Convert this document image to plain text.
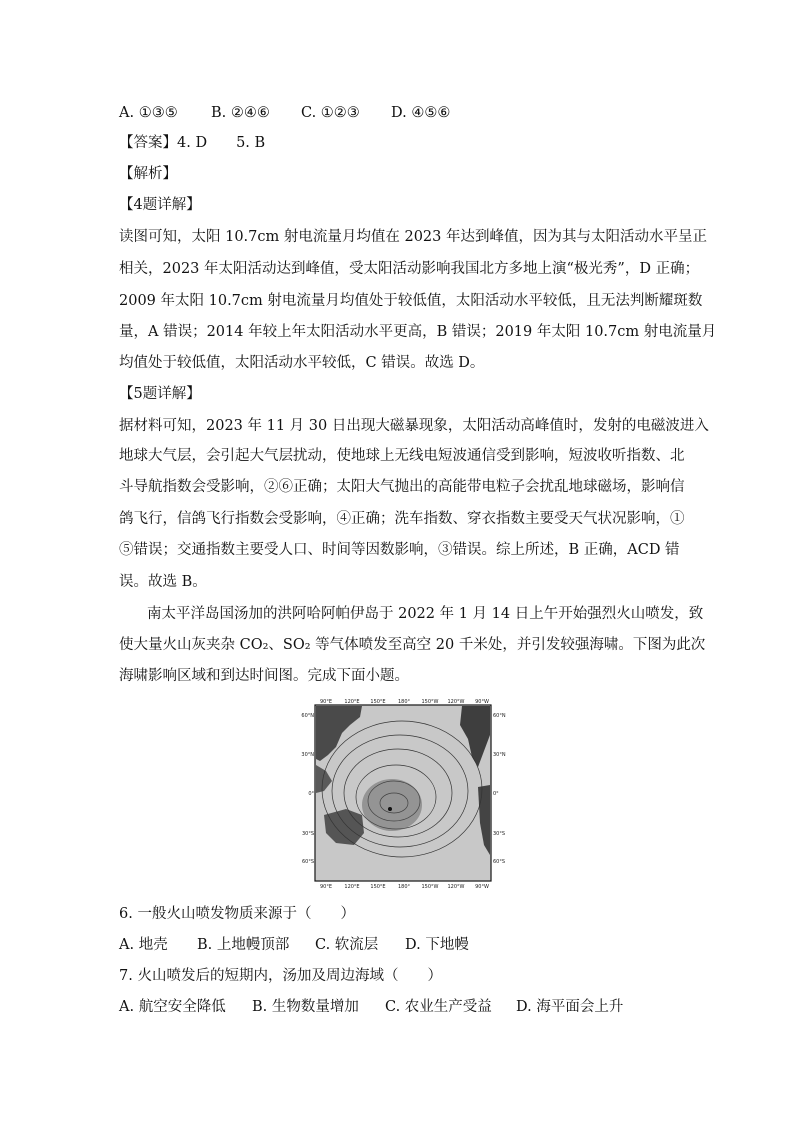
A. ①③⑤ B. ②④⑥ C. ①②③ D. ④⑤⑥
【答案】4. D　　5. B
【解析】
【4题详解】
读图可知，太阳 10.7cm 射电流量月均值在 2023 年达到峰值，因为其与太阳活动水平呈正
相关，2023 年太阳活动达到峰值，受太阳活动影响我国北方多地上演“极光秀”，D 正确；
2009 年太阳 10.7cm 射电流量月均值处于较低值，太阳活动水平较低，且无法判断耀斑数
量，A 错误；2014 年较上年太阳活动水平更高，B 错误；2019 年太阳 10.7cm 射电流量月
均值处于较低值，太阳活动水平较低，C 错误。故选 D。
【5题详解】
据材料可知，2023 年 11 月 30 日出现大磁暴现象，太阳活动高峰值时，发射的电磁波进入
地球大气层，会引起大气层扰动，使地球上无线电短波通信受到影响，短波收听指数、北
斗导航指数会受影响，②⑥正确；太阳大气抛出的高能带电粒子会扰乱地球磁场，影响信
鸽飞行，信鸽飞行指数会受影响，④正确；洗车指数、穿衣指数主要受天气状况影响，①
⑤错误；交通指数主要受人口、时间等因数影响，③错误。综上所述，B 正确，ACD 错
误。故选 B。
南太平洋岛国汤加的洪阿哈阿帕伊岛于 2022 年 1 月 14 日上午开始强烈火山喷发，致
使大量火山灰夹杂 CO₂、SO₂ 等气体喷发至高空 20 千米处，并引发较强海啸。下图为此次
海啸影响区域和到达时间图。完成下面小题。
90°E 120°E 150°E 180° 150°W 120°W 90°W
90°E 120°E 150°E 180° 150°W 120°W 90°W
60°N
30°N
0°
30°S
60°S
60°N
30°N
0°
30°S
60°S
6. 一般火山喷发物质来源于（　　）
A. 地壳 B. 上地幔顶部 C. 软流层 D. 下地幔
7. 火山喷发后的短期内，汤加及周边海域（　　）
A. 航空安全降低 B. 生物数量增加 C. 农业生产受益 D. 海平面会上升
